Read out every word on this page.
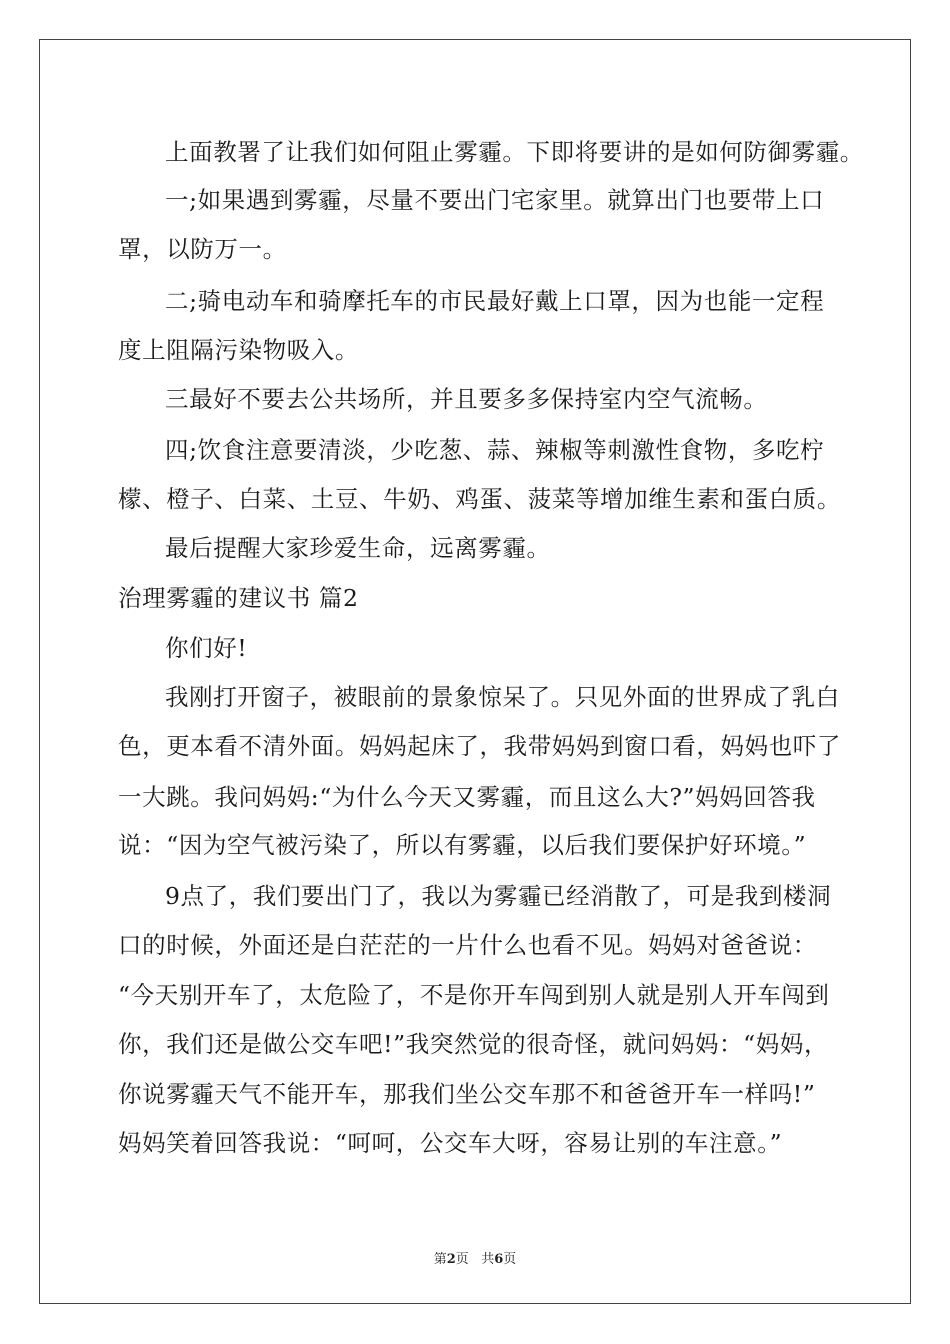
上面教署了让我们如何阻止雾霾。下即将要讲的是如何防御雾霾。
一;如果遇到雾霾，尽量不要出门宅家里。就算出门也要带上口
罩，以防万一。
二;骑电动车和骑摩托车的市民最好戴上口罩，因为也能一定程
度上阻隔污染物吸入。
三最好不要去公共场所，并且要多多保持室内空气流畅。
四;饮食注意要清淡，少吃葱、蒜、辣椒等刺激性食物，多吃柠
檬、橙子、白菜、土豆、牛奶、鸡蛋、菠菜等增加维生素和蛋白质。
最后提醒大家珍爱生命，远离雾霾。
治理雾霾的建议书 篇2
你们好!
我刚打开窗子，被眼前的景象惊呆了。只见外面的世界成了乳白
色，更本看不清外面。妈妈起床了，我带妈妈到窗口看，妈妈也吓了
一大跳。我问妈妈:“为什么今天又雾霾，而且这么大?”妈妈回答我
说：“因为空气被污染了，所以有雾霾，以后我们要保护好环境。”
9点了，我们要出门了，我以为雾霾已经消散了，可是我到楼洞
口的时候，外面还是白茫茫的一片什么也看不见。妈妈对爸爸说：
“今天别开车了，太危险了，不是你开车闯到别人就是别人开车闯到
你，我们还是做公交车吧!”我突然觉的很奇怪，就问妈妈：“妈妈，
你说雾霾天气不能开车，那我们坐公交车那不和爸爸开车一样吗!”
妈妈笑着回答我说：“呵呵，公交车大呀，容易让别的车注意。”
第2页 共6页
